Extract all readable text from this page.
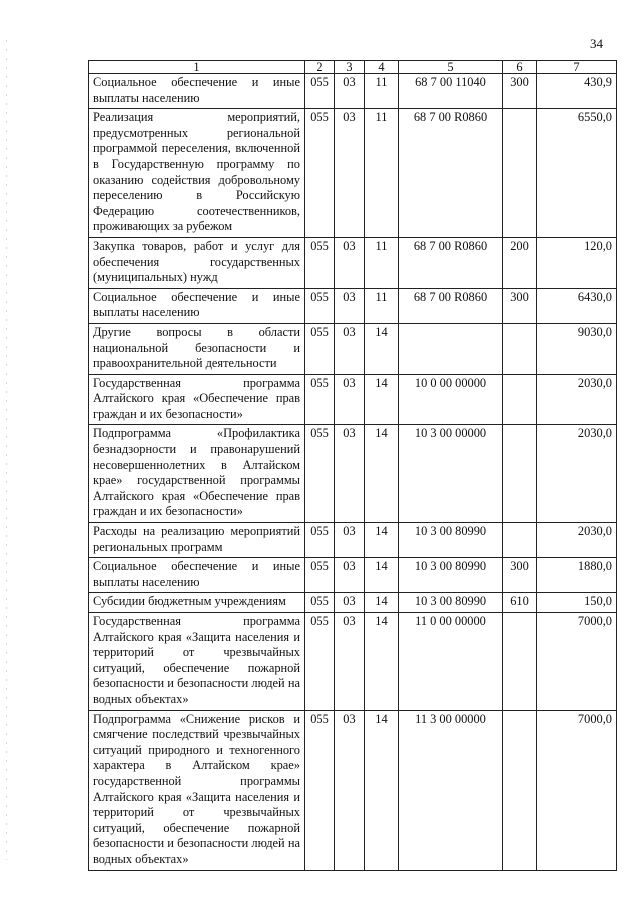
34
1	2	3	4	5	6	7
Социальное обеспечение и иные выплаты населению	055	03	11	68 7 00 11040	300	430,9
Реализация мероприятий, предусмотренных региональной программой переселения, включенной в Государственную программу по оказанию содействия добровольному переселению в Российскую Федерацию соотечественников, проживающих за рубежом	055	03	11	68 7 00 R0860		6550,0
Закупка товаров, работ и услуг для обеспечения государственных (муниципальных) нужд	055	03	11	68 7 00 R0860	200	120,0
Социальное обеспечение и иные выплаты населению	055	03	11	68 7 00 R0860	300	6430,0
Другие вопросы в области национальной безопасности и правоохранительной деятельности	055	03	14			9030,0
Государственная программа Алтайского края «Обеспечение прав граждан и их безопасности»	055	03	14	10 0 00 00000		2030,0
Подпрограмма «Профилактика безнадзорности и правонарушений несовершеннолетних в Алтайском крае» государственной программы Алтайского края «Обеспечение прав граждан и их безопасности»	055	03	14	10 3 00 00000		2030,0
Расходы на реализацию мероприятий региональных программ	055	03	14	10 3 00 80990		2030,0
Социальное обеспечение и иные выплаты населению	055	03	14	10 3 00 80990	300	1880,0
Субсидии бюджетным учреждениям	055	03	14	10 3 00 80990	610	150,0
Государственная программа Алтайского края «Защита населения и территорий от чрезвычайных ситуаций, обеспечение пожарной безопасности и безопасности людей на водных объектах»	055	03	14	11 0 00 00000		7000,0
Подпрограмма «Снижение рисков и смягчение последствий чрезвычайных ситуаций природного и техногенного характера в Алтайском крае» государственной программы Алтайского края «Защита населения и территорий от чрезвычайных ситуаций, обеспечение пожарной безопасности и безопасности людей на водных объектах»	055	03	14	11 3 00 00000		7000,0
